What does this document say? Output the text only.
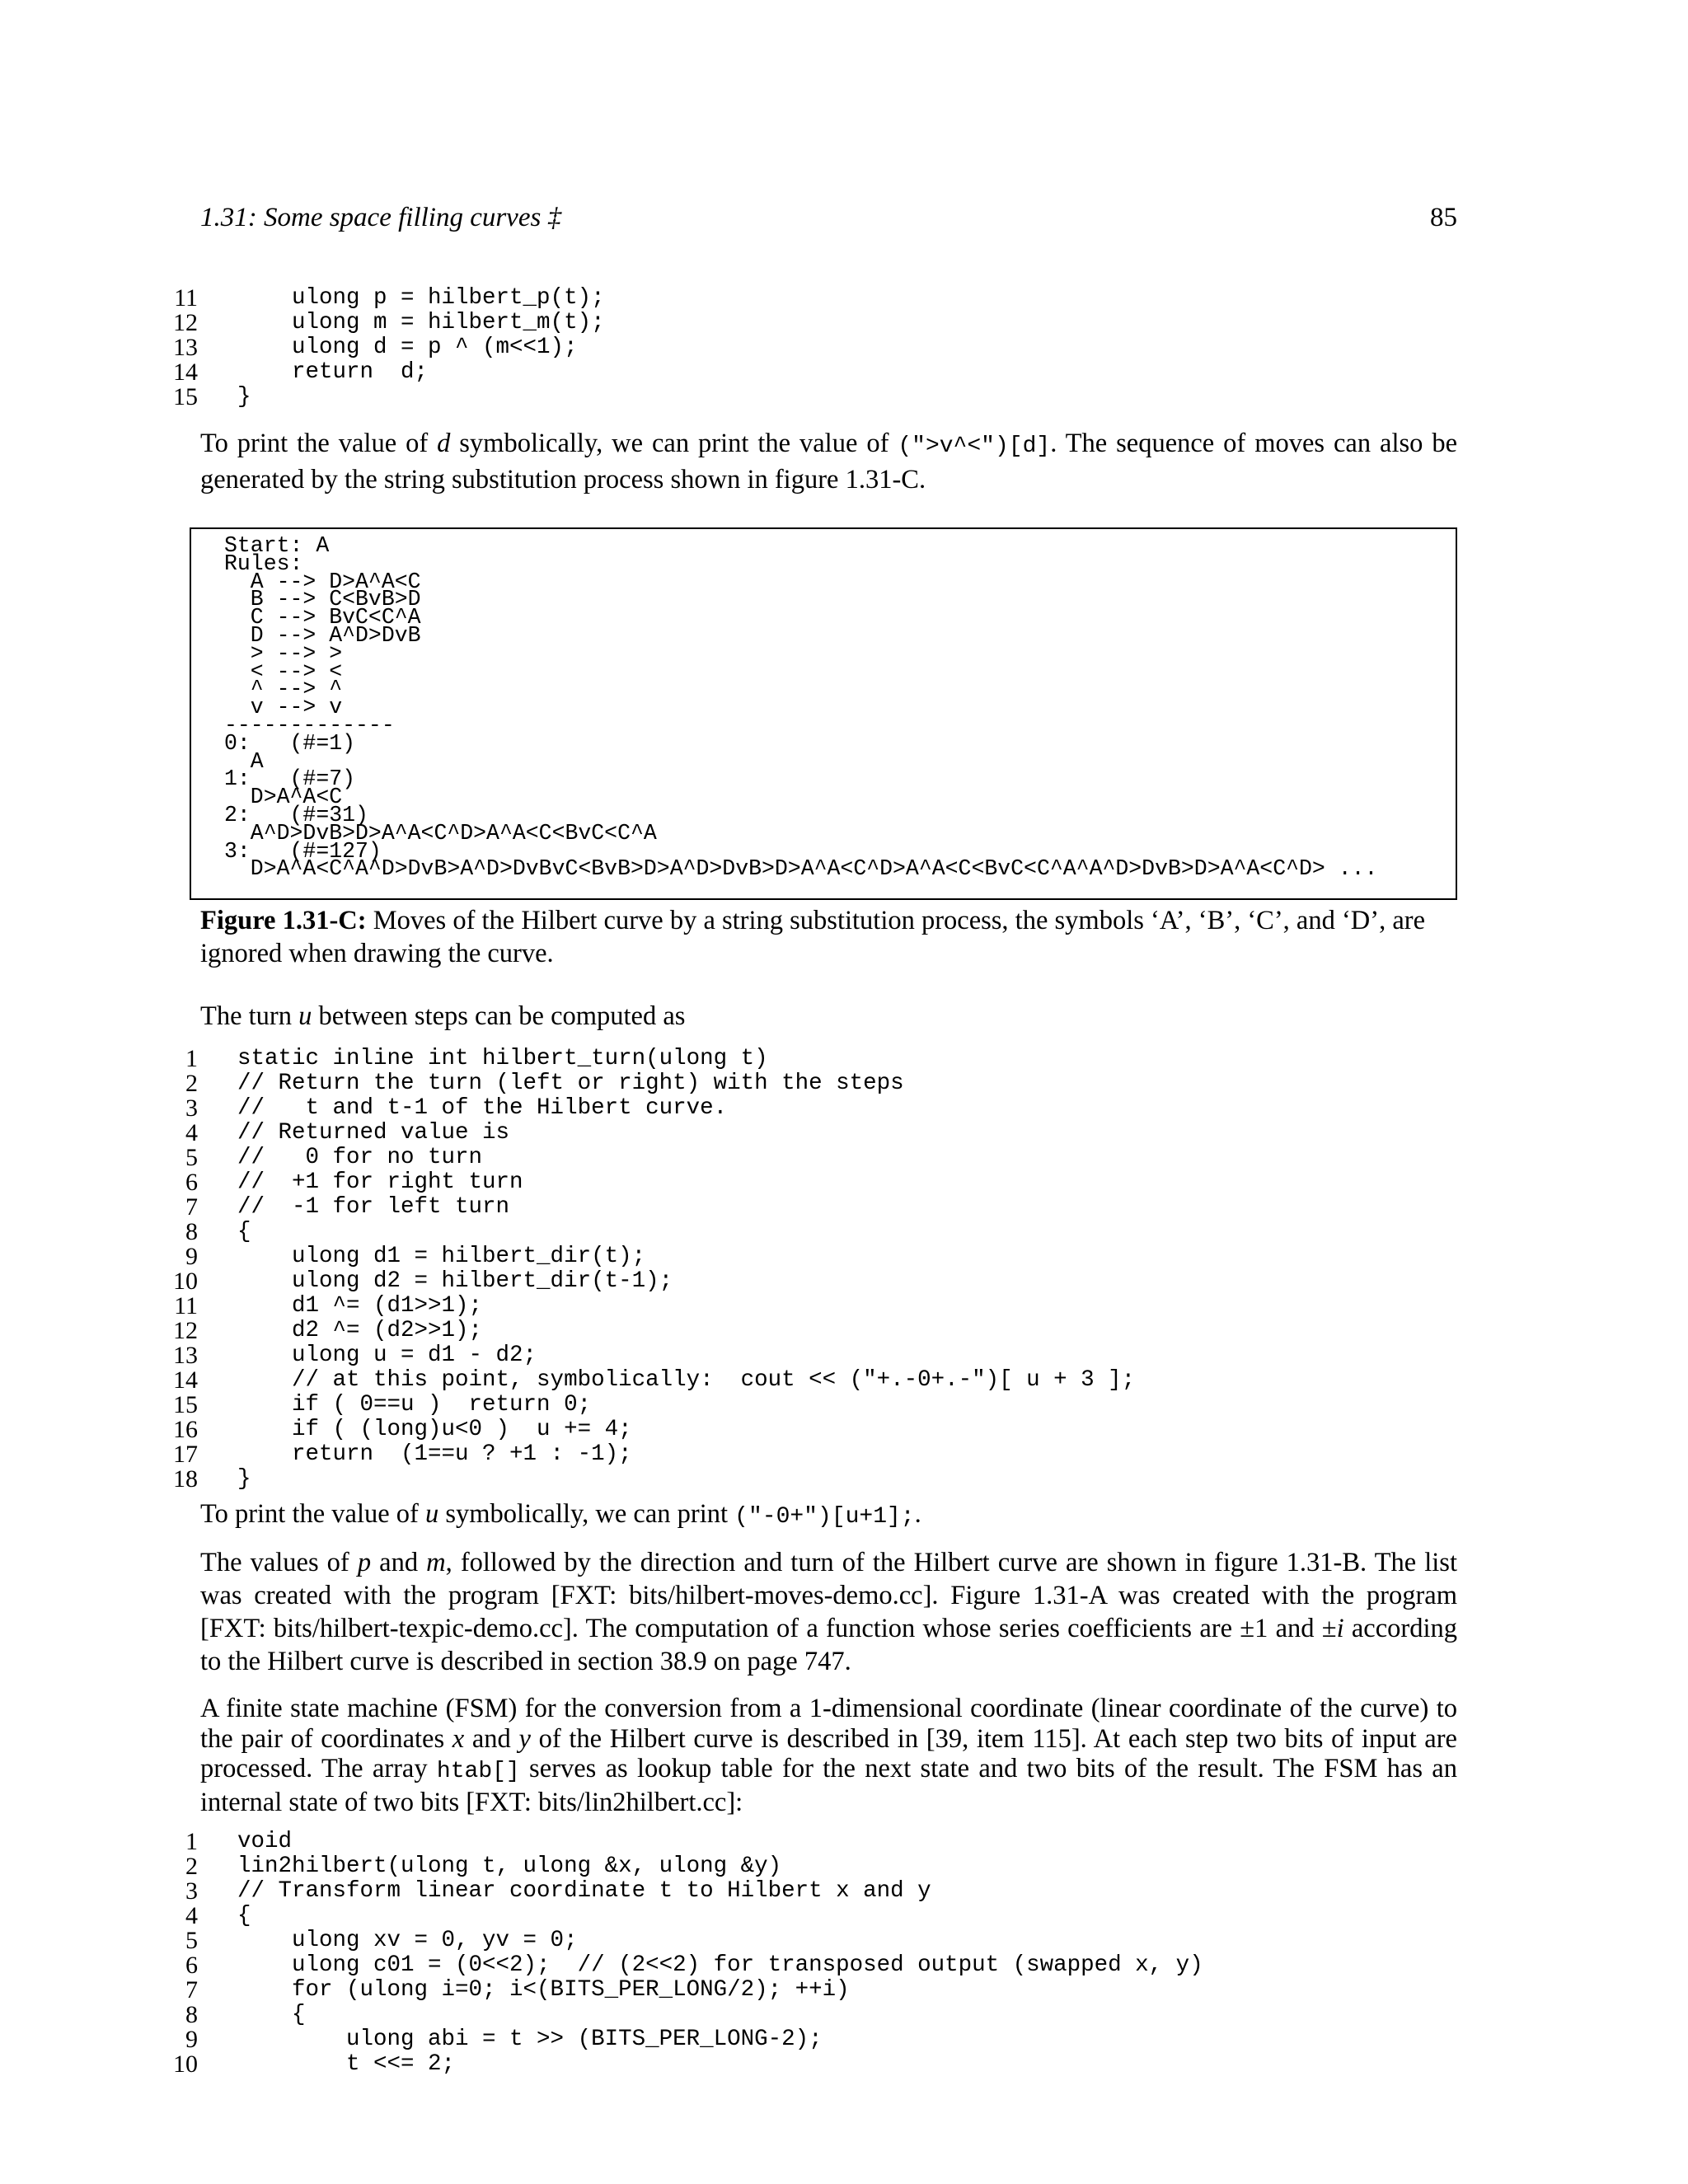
1.31: Some space filling curves ‡	85
11 ulong p = hilbert_p(t);
12 ulong m = hilbert_m(t);
13 ulong d = p ^ (m<<1);
14 return  d;
15 }

To print the value of d symbolically, we can print the value of (">v^<")[d]. The sequence of moves can also be generated by the string substitution process shown in figure 1.31-C.

Start: A
Rules:
A --> D>A^A<C
B --> C<BvB>D
C --> BvC<C^A
D --> A^D>DvB
> --> >
< --> <
^ --> ^
v --> v
-------------
0:   (#=1)
A
1:   (#=7)
D>A^A<C
2:   (#=31)
A^D>DvB>D>A^A<C^D>A^A<C<BvC<C^A
3:   (#=127)
D>A^A<C^A^D>DvB>A^D>DvBvC<BvB>D>A^D>DvB>D>A^A<C^D>A^A<C<BvC<C^A^A^D>DvB>D>A^A<C^D> ...

Figure 1.31-C: Moves of the Hilbert curve by a string substitution process, the symbols ‘A’, ‘B’, ‘C’, and ‘D’, are ignored when drawing the curve.

The turn u between steps can be computed as

1 static inline int hilbert_turn(ulong t)
2 // Return the turn (left or right) with the steps
3 //   t and t-1 of the Hilbert curve.
4 // Returned value is
5 //   0 for no turn
6 //  +1 for right turn
7 //  -1 for left turn
8 {
9 ulong d1 = hilbert_dir(t);
10 ulong d2 = hilbert_dir(t-1);
11 d1 ^= (d1>>1);
12 d2 ^= (d2>>1);
13 ulong u = d1 - d2;
14 // at this point, symbolically:  cout << ("+.-0+.-")[ u + 3 ];
15 if ( 0==u )  return 0;
16 if ( (long)u<0 )  u += 4;
17 return  (1==u ? +1 : -1);
18 }

To print the value of u symbolically, we can print ("-0+")[u+1];.

The values of p and m, followed by the direction and turn of the Hilbert curve are shown in figure 1.31-B. The list was created with the program [FXT: bits/hilbert-moves-demo.cc]. Figure 1.31-A was created with the program [FXT: bits/hilbert-texpic-demo.cc]. The computation of a function whose series coefficients are ±1 and ±i according to the Hilbert curve is described in section 38.9 on page 747.

A finite state machine (FSM) for the conversion from a 1-dimensional coordinate (linear coordinate of the curve) to the pair of coordinates x and y of the Hilbert curve is described in [39, item 115]. At each step two bits of input are processed. The array htab[] serves as lookup table for the next state and two bits of the result. The FSM has an internal state of two bits [FXT: bits/lin2hilbert.cc]:

1 void
2 lin2hilbert(ulong t, ulong &x, ulong &y)
3 // Transform linear coordinate t to Hilbert x and y
4 {
5 ulong xv = 0, yv = 0;
6 ulong c01 = (0<<2);  // (2<<2) for transposed output (swapped x, y)
7 for (ulong i=0; i<(BITS_PER_LONG/2); ++i)
8 {
9 ulong abi = t >> (BITS_PER_LONG-2);
10 t <<= 2;
